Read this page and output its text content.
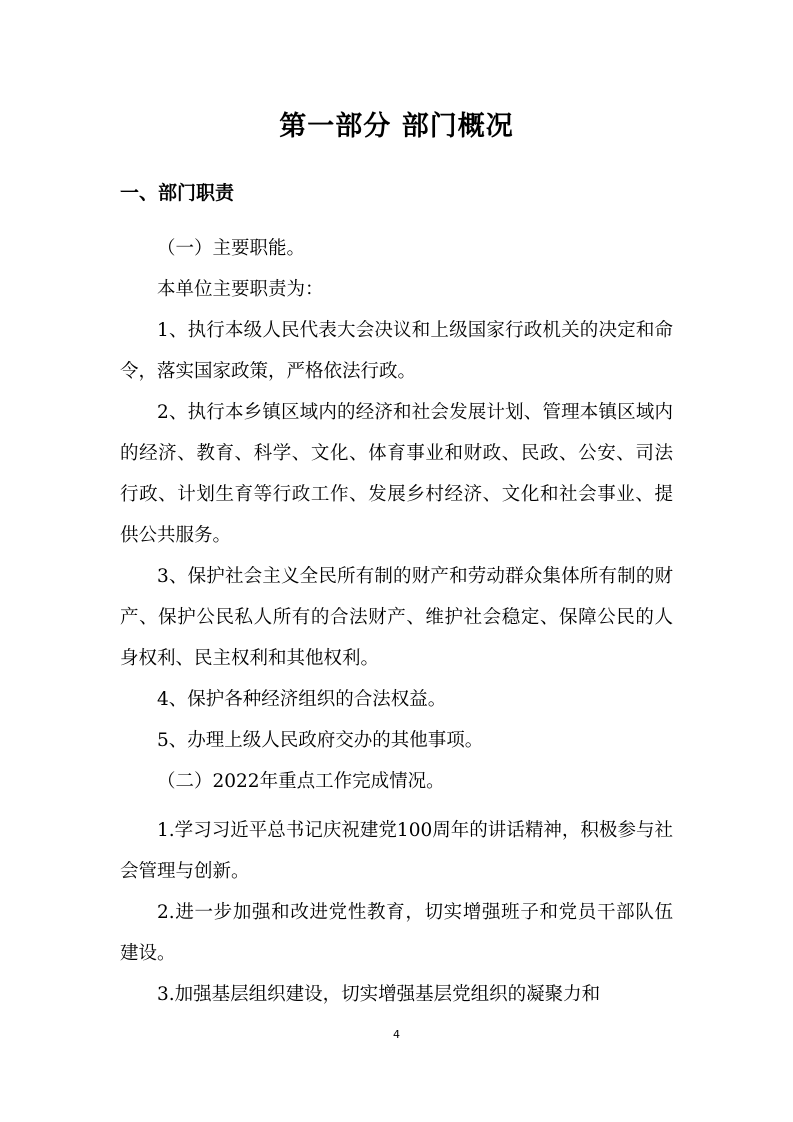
第一部分 部门概况
一、部门职责

（一）主要职能。

本单位主要职责为：

1、执行本级人民代表大会决议和上级国家行政机关的决定和命令，落实国家政策，严格依法行政。

2、执行本乡镇区域内的经济和社会发展计划、管理本镇区域内的经济、教育、科学、文化、体育事业和财政、民政、公安、司法行政、计划生育等行政工作、发展乡村经济、文化和社会事业、提供公共服务。

3、保护社会主义全民所有制的财产和劳动群众集体所有制的财产、保护公民私人所有的合法财产、维护社会稳定、保障公民的人身权利、民主权利和其他权利。

4、保护各种经济组织的合法权益。

5、办理上级人民政府交办的其他事项。

（二）2022年重点工作完成情况。

1.学习习近平总书记庆祝建党100周年的讲话精神，积极参与社会管理与创新。

2.进一步加强和改进党性教育，切实增强班子和党员干部队伍建设。

3.加强基层组织建设，切实增强基层党组织的凝聚力和

4
